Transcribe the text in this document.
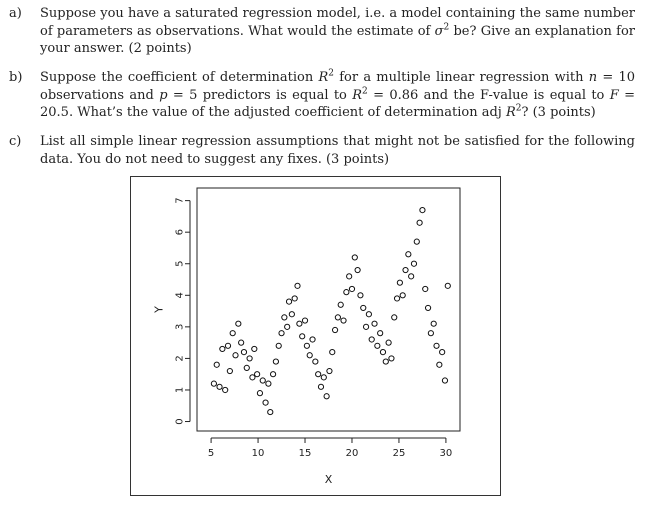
a) Suppose you have a saturated regression model, i.e. a model containing the same number of parameters as observations. What would the estimate of $\sigma^2$ be? Give an explanation for your answer. (2 points)
b) Suppose the coefficient of determination $R^2$ for a multiple linear regression with n = 10 observations and p = 5 predictors is equal to $R^2 = 0.86$ and the F-value is equal to F = 20.5. What’s the value of the adjusted coefficient of determination adj $R^2$? (3 points)
c) List all simple linear regression assumptions that might not be satisfied for the following data. You do not need to suggest any fixes. (3 points)
5	10	15	20	25	30
X
0
1
2
3
4
5
6
7
Y
